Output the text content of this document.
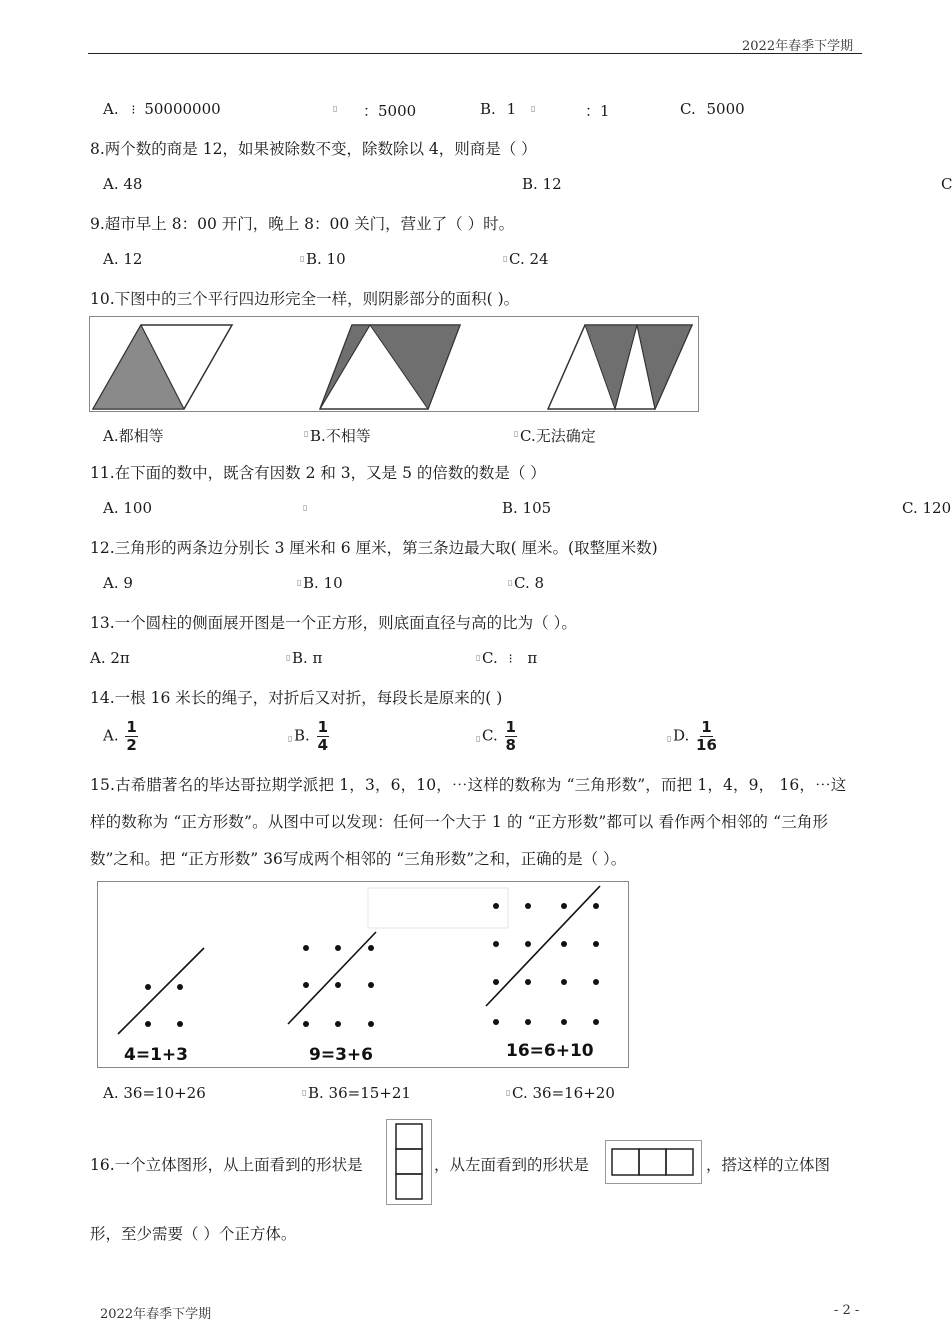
2022年春季下学期
A. ⁝ 50000000	▯ ：5000	B. 1 ▯	：1	C. 5000
8.两个数的商是 12，如果被除数不变，除数除以 4，则商是（ ）
A. 48	B. 12	C
9.超市早上 8：00 开门，晚上 8：00 关门，营业了（ ）时。
A. 12	▯ B. 10	▯ C. 24
10.下图中的三个平行四边形完全一样，则阴影部分的面积( )。
A.都相等	▯ B.不相等	▯ C.无法确定
11.在下面的数中，既含有因数 2 和 3，又是 5 的倍数的数是（ ）
A. 100	▯	B. 105	C. 120
12.三角形的两条边分别长 3 厘米和 6 厘米，第三条边最大取( 厘米。(取整厘米数)
A. 9	▯ B. 10	▯ C. 8
13.一个圆柱的侧面展开图是一个正方形，则底面直径与高的比为（ ）。
A. 2π	▯ B. π	▯ C. ⁝ π
14.一根 16 米长的绳子，对折后又对折，每段长是原来的( )
A. $\frac{1}{2}$	▯ B. $\frac{1}{4}$	▯ C. $\frac{1}{8}$	▯ D. $\frac{1}{16}$
15.古希腊著名的毕达哥拉期学派把 1，3，6，10，⋯这样的数称为 “三角形数”，而把 1，4，9， 16，⋯这
样的数称为 “正方形数”。从图中可以发现：任何一个大于 1 的 “正方形数”都可以 看作两个相邻的 “三角形
数”之和。把 “正方形数” 36写成两个相邻的 “三角形数”之和，正确的是（ ）。
4=1+3	9=3+6	16=6+10
A. 36=10+26	▯ B. 36=15+21	▯ C. 36=16+20
16.一个立体图形，从上面看到的形状是	，从左面看到的形状是	，搭这样的立体图
形，至少需要（ ）个正方体。
2022年春季下学期	- 2 -
